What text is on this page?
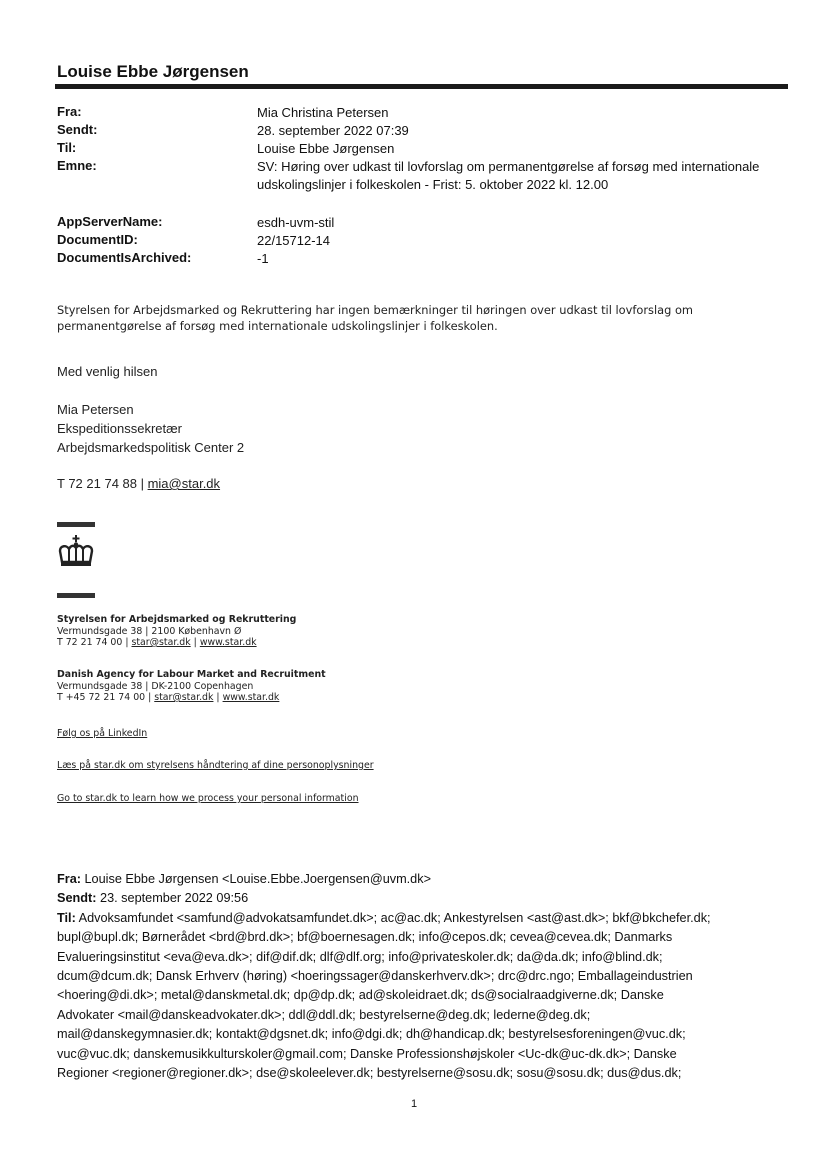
Louise Ebbe Jørgensen
Fra:	Mia Christina Petersen
Sendt:	28. september 2022 07:39
Til:	Louise Ebbe Jørgensen
Emne:	SV: Høring over udkast til lovforslag om permanentgørelse af forsøg med internationale udskolingslinjer i folkeskolen - Frist: 5. oktober 2022 kl. 12.00
AppServerName:	esdh-uvm-stil
DocumentID:	22/15712-14
DocumentIsArchived:	-1
Styrelsen for Arbejdsmarked og Rekruttering har ingen bemærkninger til høringen over udkast til lovforslag om
permanentgørelse af forsøg med internationale udskolingslinjer i folkeskolen.
Med venlig hilsen
Mia Petersen
Ekspeditionssekretær
Arbejdsmarkedspolitisk Center 2
T 72 21 74 88 | mia@star.dk
Styrelsen for Arbejdsmarked og Rekruttering
Vermundsgade 38 | 2100 København Ø
T 72 21 74 00 | star@star.dk | www.star.dk
Danish Agency for Labour Market and Recruitment
Vermundsgade 38 | DK-2100 Copenhagen
T +45 72 21 74 00 | star@star.dk | www.star.dk
Følg os på LinkedIn
Læs på star.dk om styrelsens håndtering af dine personoplysninger
Go to star.dk to learn how we process your personal information
Fra: Louise Ebbe Jørgensen <Louise.Ebbe.Joergensen@uvm.dk>
Sendt: 23. september 2022 09:56
Til: Advoksamfundet <samfund@advokatsamfundet.dk>; ac@ac.dk; Ankestyrelsen <ast@ast.dk>; bkf@bkchefer.dk;
bupl@bupl.dk; Børnerådet <brd@brd.dk>; bf@boernesagen.dk; info@cepos.dk; cevea@cevea.dk; Danmarks
Evalueringsinstitut <eva@eva.dk>; dif@dif.dk; dlf@dlf.org; info@privateskoler.dk; da@da.dk; info@blind.dk;
dcum@dcum.dk; Dansk Erhverv (høring) <hoeringssager@danskerhverv.dk>; drc@drc.ngo; Emballageindustrien
<hoering@di.dk>; metal@danskmetal.dk; dp@dp.dk; ad@skoleidraet.dk; ds@socialraadgiverne.dk; Danske
Advokater <mail@danskeadvokater.dk>; ddl@ddl.dk; bestyrelserne@deg.dk; lederne@deg.dk;
mail@danskegymnasier.dk; kontakt@dgsnet.dk; info@dgi.dk; dh@handicap.dk; bestyrelsesforeningen@vuc.dk;
vuc@vuc.dk; danskemusikkulturskoler@gmail.com; Danske Professionshøjskoler <Uc-dk@uc-dk.dk>; Danske
Regioner <regioner@regioner.dk>; dse@skoleelever.dk; bestyrelserne@sosu.dk; sosu@sosu.dk; dus@dus.dk;
1
